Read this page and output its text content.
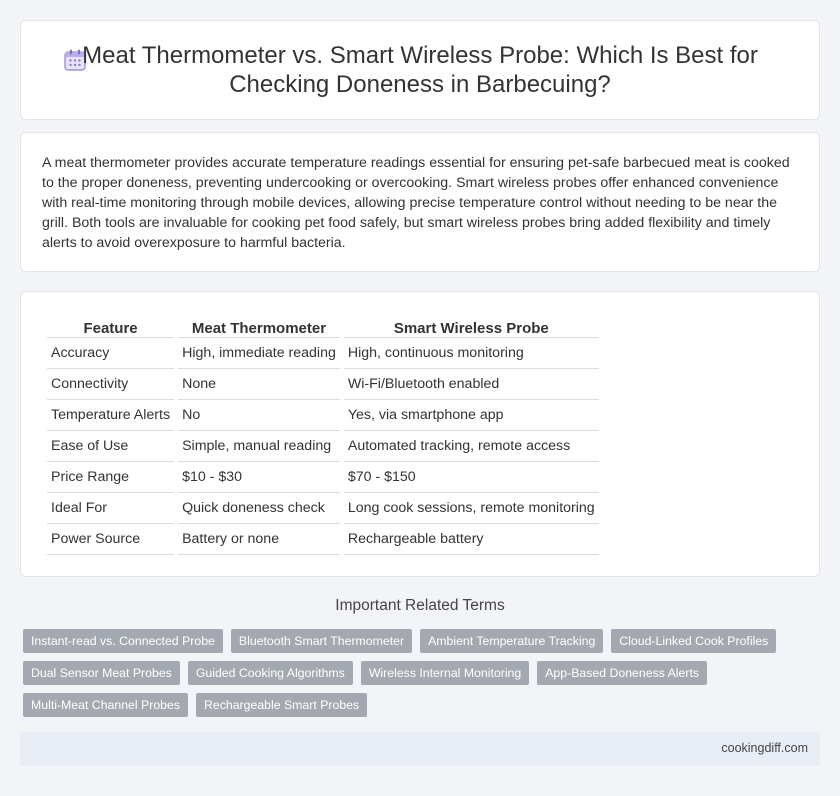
Meat Thermometer vs. Smart Wireless Probe: Which Is Best for Checking Doneness in Barbecuing?

A meat thermometer provides accurate temperature readings essential for ensuring pet-safe barbecued meat is cooked to the proper doneness, preventing undercooking or overcooking. Smart wireless probes offer enhanced convenience with real-time monitoring through mobile devices, allowing precise temperature control without needing to be near the grill. Both tools are invaluable for cooking pet food safely, but smart wireless probes bring added flexibility and timely alerts to avoid overexposure to harmful bacteria.

Feature	Meat Thermometer	Smart Wireless Probe
Accuracy	High, immediate reading	High, continuous monitoring
Connectivity	None	Wi-Fi/Bluetooth enabled
Temperature Alerts	No	Yes, via smartphone app
Ease of Use	Simple, manual reading	Automated tracking, remote access
Price Range	$10 - $30	$70 - $150
Ideal For	Quick doneness check	Long cook sessions, remote monitoring
Power Source	Battery or none	Rechargeable battery
Important Related Terms
Instant-read vs. Connected Probe	Bluetooth Smart Thermometer	Ambient Temperature Tracking	Cloud-Linked Cook Profiles
Dual Sensor Meat Probes	Guided Cooking Algorithms	Wireless Internal Monitoring	App-Based Doneness Alerts
Multi-Meat Channel Probes	Rechargeable Smart Probes
cookingdiff.com
